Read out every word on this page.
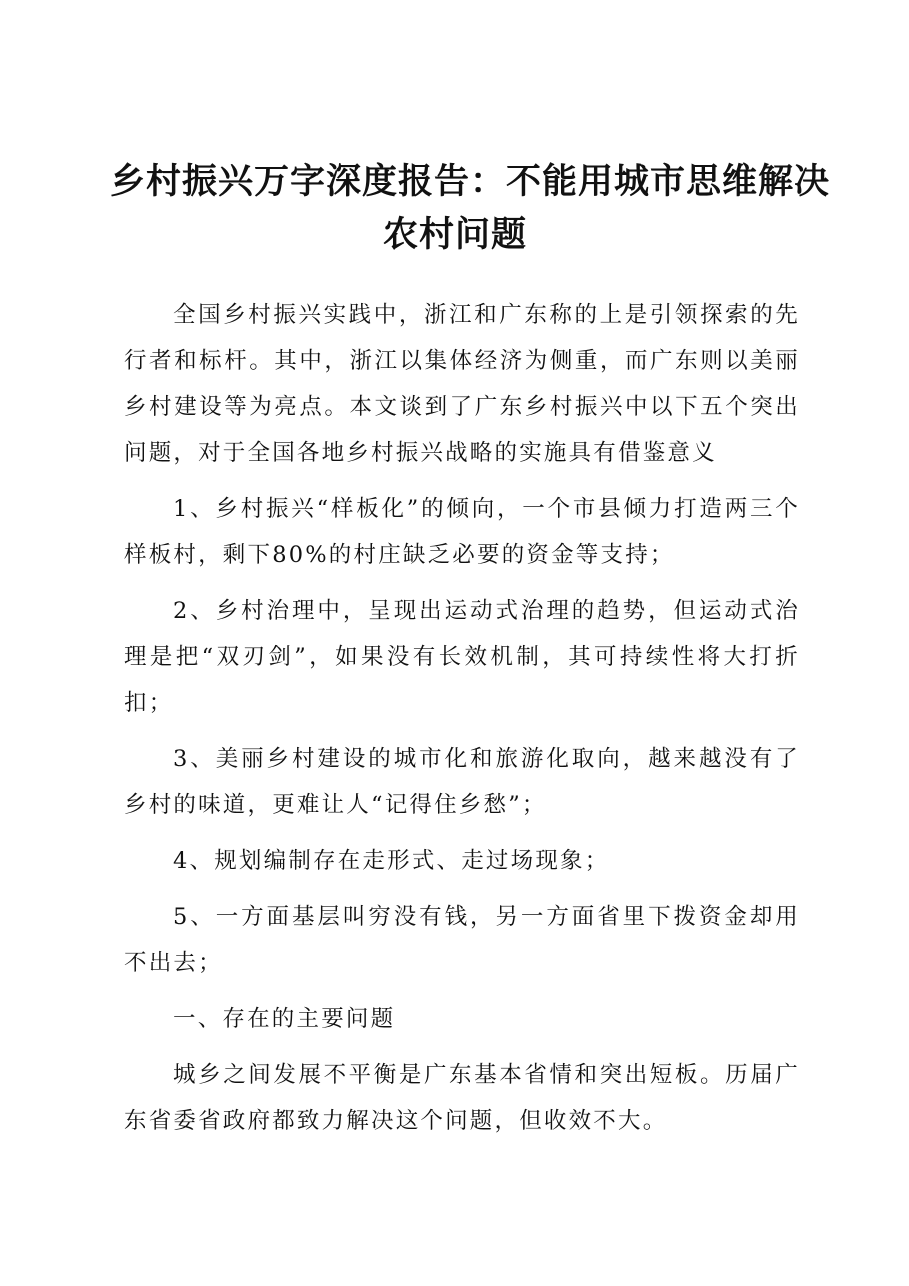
乡村振兴万字深度报告：不能用城市思维解决
农村问题

全国乡村振兴实践中，浙江和广东称的上是引领探索的先行者和标杆。其中，浙江以集体经济为侧重，而广东则以美丽乡村建设等为亮点。本文谈到了广东乡村振兴中以下五个突出问题，对于全国各地乡村振兴战略的实施具有借鉴意义

1、乡村振兴“样板化”的倾向，一个市县倾力打造两三个样板村，剩下80%的村庄缺乏必要的资金等支持；

2、乡村治理中，呈现出运动式治理的趋势，但运动式治理是把“双刃剑”，如果没有长效机制，其可持续性将大打折扣；

3、美丽乡村建设的城市化和旅游化取向，越来越没有了乡村的味道，更难让人“记得住乡愁”；

4、规划编制存在走形式、走过场现象；

5、一方面基层叫穷没有钱，另一方面省里下拨资金却用不出去；

一、存在的主要问题

城乡之间发展不平衡是广东基本省情和突出短板。历届广东省委省政府都致力解决这个问题，但收效不大。
